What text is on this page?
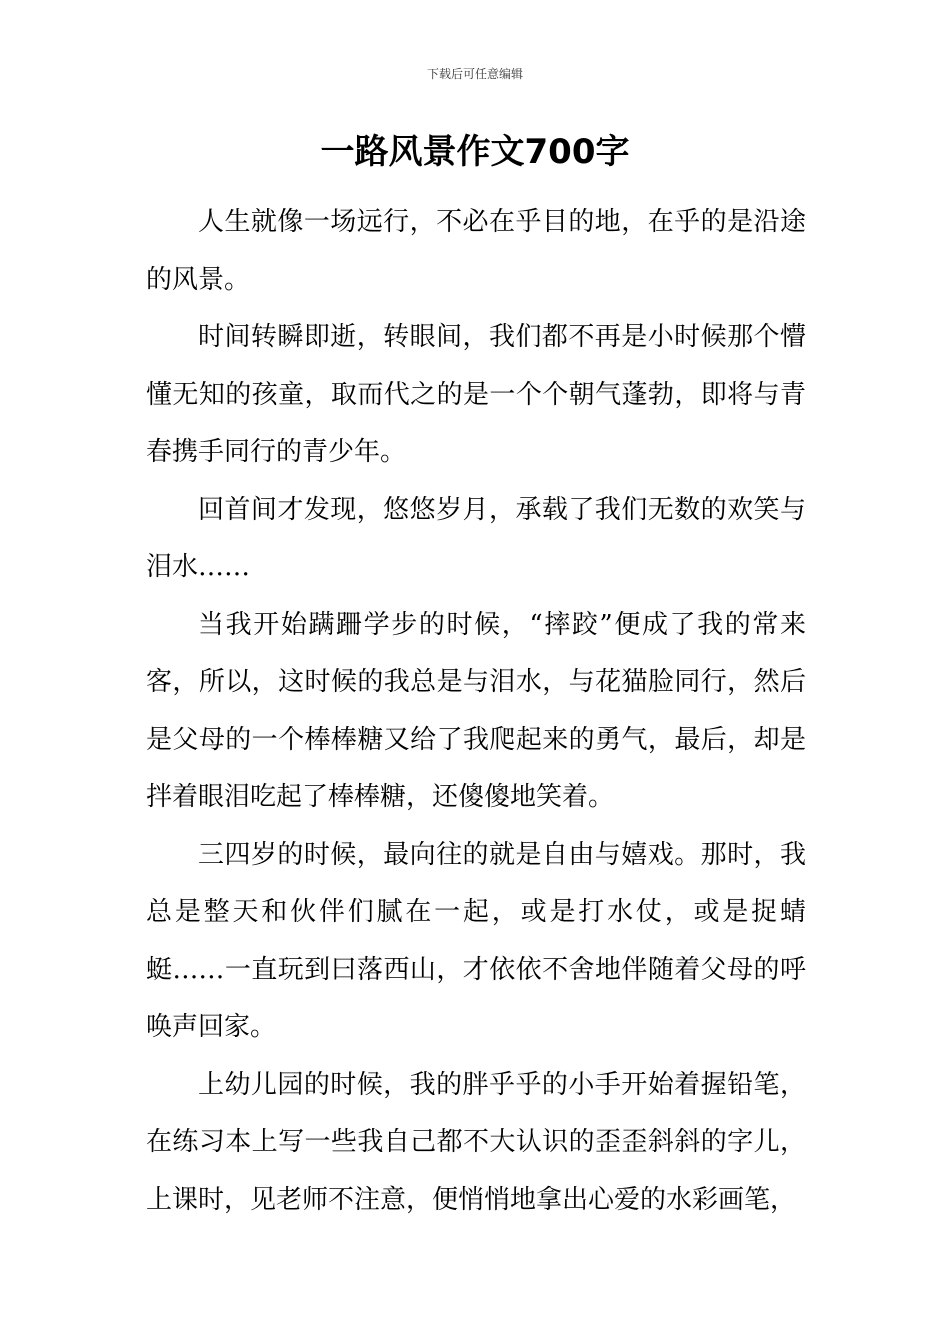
下载后可任意编辑
一路风景作文700字

人生就像一场远行，不必在乎目的地，在乎的是沿途的风景。

时间转瞬即逝，转眼间，我们都不再是小时候那个懵懂无知的孩童，取而代之的是一个个朝气蓬勃，即将与青春携手同行的青少年。

回首间才发现，悠悠岁月，承载了我们无数的欢笑与泪水……

当我开始蹒跚学步的时候，“摔跤”便成了我的常来客，所以，这时候的我总是与泪水，与花猫脸同行，然后是父母的一个棒棒糖又给了我爬起来的勇气，最后，却是拌着眼泪吃起了棒棒糖，还傻傻地笑着。

三四岁的时候，最向往的就是自由与嬉戏。那时，我总是整天和伙伴们腻在一起，或是打水仗，或是捉蜻蜓……一直玩到曰落西山，才依依不舍地伴随着父母的呼唤声回家。

上幼儿园的时候，我的胖乎乎的小手开始着握铅笔，在练习本上写一些我自己都不大认识的歪歪斜斜的字儿，上课时，见老师不注意，便悄悄地拿出心爱的水彩画笔，
